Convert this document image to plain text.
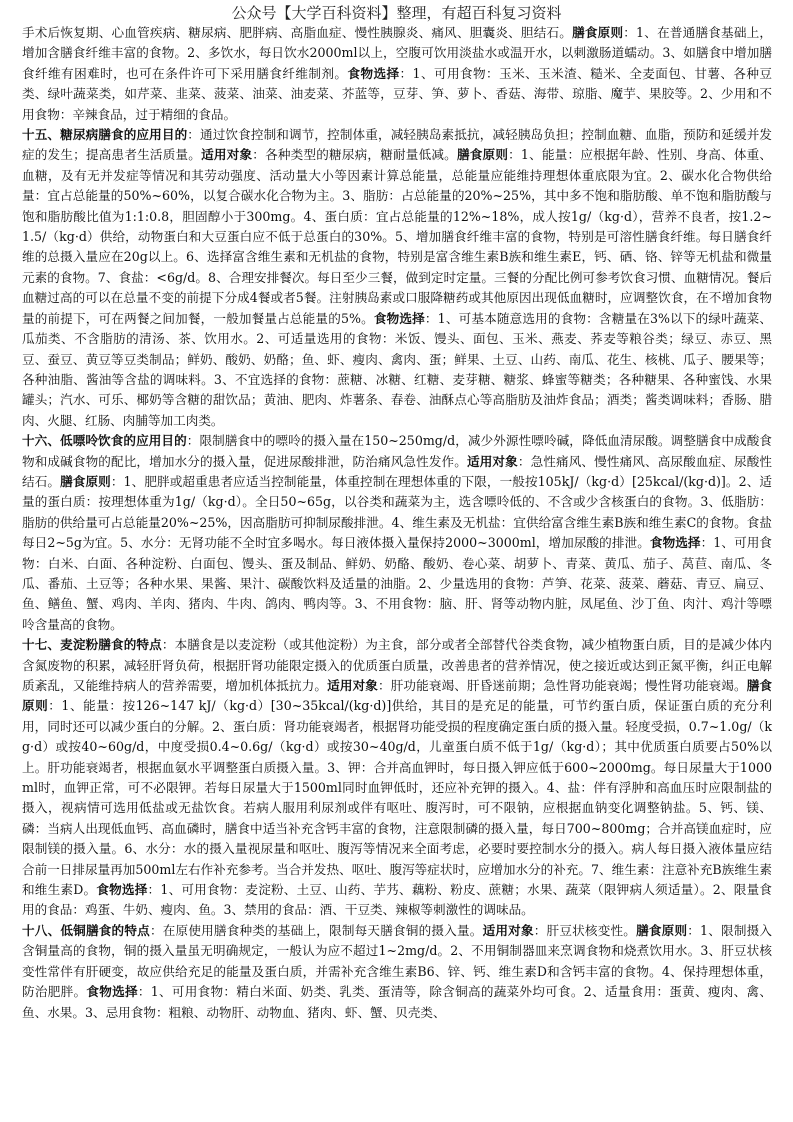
公众号【大学百科资料】整理，有超百科复习资料

手术后恢复期、心血管疾病、糖尿病、肥胖病、高脂血症、慢性胰腺炎、痛风、胆囊炎、胆结石。膳食原则：1、在普通膳食基础上，增加含膳食纤维丰富的食物。2、多饮水，每日饮水2000ml以上，空腹可饮用淡盐水或温开水，以刺激肠道蠕动。3、如膳食中增加膳食纤维有困难时，也可在条件许可下采用膳食纤维制剂。食物选择：1、可用食物：玉米、玉米渣、糙米、全麦面包、甘薯、各种豆类、绿叶蔬菜类，如芹菜、韭菜、菠菜、油菜、油麦菜、芥蓝等，豆芽、笋、萝卜、香菇、海带、琼脂、魔芋、果胶等。2、少用和不用食物：辛辣食品，过于精细的食品。

十五、糖尿病膳食的应用目的：通过饮食控制和调节，控制体重，减轻胰岛素抵抗，减轻胰岛负担；控制血糖、血脂，预防和延缓并发症的发生；提高患者生活质量。适用对象：各种类型的糖尿病，糖耐量低减。膳食原则：1、能量：应根据年龄、性别、身高、体重、血糖，及有无并发症等情况和其劳动强度、活动量大小等因素计算总能量，总能量应能维持理想体重底限为宜。2、碳水化合物供给量：宜占总能量的50%~60%，以复合碳水化合物为主。3、脂肪：占总能量的20%~25%，其中多不饱和脂肪酸、单不饱和脂肪酸与饱和脂肪酸比值为1:1:0.8，胆固醇小于300mg。4、蛋白质：宜占总能量的12%~18%，成人按1g/（kg·d），营养不良者，按1.2~1.5/（kg·d）供给，动物蛋白和大豆蛋白应不低于总蛋白的30%。5、增加膳食纤维丰富的食物，特别是可溶性膳食纤维。每日膳食纤维的总摄入量应在20g以上。6、选择富含维生素和无机盐的食物，特别是富含维生素B族和维生素E，钙、硒、铬、锌等无机盐和微量元素的食物。7、食盐：<6g/d。8、合理安排餐次。每日至少三餐，做到定时定量。三餐的分配比例可参考饮食习惯、血糖情况。餐后血糖过高的可以在总量不变的前提下分成4餐或者5餐。注射胰岛素或口服降糖药或其他原因出现低血糖时，应调整饮食，在不增加食物量的前提下，可在两餐之间加餐，一般加餐量占总能量的5%。食物选择：1、可基本随意选用的食物：含糖量在3%以下的绿叶蔬菜、瓜茄类、不含脂肪的清汤、茶、饮用水。2、可适量选用的食物：米饭、馒头、面包、玉米、燕麦、荞麦等粮谷类；绿豆、赤豆、黑豆、蚕豆、黄豆等豆类制品；鲜奶、酸奶、奶酪；鱼、虾、瘦肉、禽肉、蛋；鲜果、土豆、山药、南瓜、花生、核桃、瓜子、腰果等；各种油脂、酱油等含盐的调味料。3、不宜选择的食物：蔗糖、冰糖、红糖、麦芽糖、糖浆、蜂蜜等糖类；各种糖果、各种蜜饯、水果罐头；汽水、可乐、椰奶等含糖的甜饮品；黄油、肥肉、炸薯条、春卷、油酥点心等高脂肪及油炸食品；酒类；酱类调味料；香肠、腊肉、火腿、红肠、肉脯等加工肉类。

十六、低嘌呤饮食的应用目的：限制膳食中的嘌呤的摄入量在150~250mg/d，减少外源性嘌呤碱，降低血清尿酸。调整膳食中成酸食物和成碱食物的配比，增加水分的摄入量，促进尿酸排泄，防治痛风急性发作。适用对象：急性痛风、慢性痛风、高尿酸血症、尿酸性结石。膳食原则：1、肥胖或超重患者应适当控制能量，体重控制在理想体重的下限，一般按105kJ/（kg·d）[25kcal/(kg·d)]。2、适量的蛋白质：按理想体重为1g/（kg·d）。全日50~65g，以谷类和蔬菜为主，选含嘌呤低的、不含或少含核蛋白的食物。3、低脂肪：脂肪的供给量可占总能量20%~25%，因高脂肪可抑制尿酸排泄。4、维生素及无机盐：宜供给富含维生素B族和维生素C的食物。食盐每日2~5g为宜。5、水分：无肾功能不全时宜多喝水。每日液体摄入量保持2000~3000ml，增加尿酸的排泄。食物选择：1、可用食物：白米、白面、各种淀粉、白面包、馒头、蛋及制品、鲜奶、奶酪、酸奶、卷心菜、胡萝卜、青菜、黄瓜、茄子、莴苣、南瓜、冬瓜、番茄、土豆等；各种水果、果酱、果汁、碳酸饮料及适量的油脂。2、少量选用的食物：芦笋、花菜、菠菜、蘑菇、青豆、扁豆、鱼、鳝鱼、蟹、鸡肉、羊肉、猪肉、牛肉、鸽肉、鸭肉等。3、不用食物：脑、肝、肾等动物内脏，凤尾鱼、沙丁鱼、肉汁、鸡汁等嘌呤含量高的食物。

十七、麦淀粉膳食的特点：本膳食是以麦淀粉（或其他淀粉）为主食，部分或者全部替代谷类食物，减少植物蛋白质，目的是减少体内含氮废物的积累，减轻肝肾负荷，根据肝肾功能限定摄入的优质蛋白质量，改善患者的营养情况，使之接近或达到正氮平衡，纠正电解质紊乱，又能维持病人的营养需要，增加机体抵抗力。适用对象：肝功能衰竭、肝昏迷前期；急性肾功能衰竭；慢性肾功能衰竭。膳食原则：1、能量：按126~147 kJ/（kg·d）[30~35kcal/(kg·d)]供给，其目的是充足的能量，可节约蛋白质，保证蛋白质的充分利用，同时还可以减少蛋白的分解。2、蛋白质：肾功能衰竭者，根据肾功能受损的程度确定蛋白质的摄入量。轻度受损，0.7~1.0g/（kg·d）或按40~60g/d，中度受损0.4~0.6g/（kg·d）或按30~40g/d，儿童蛋白质不低于1g/（kg·d）；其中优质蛋白质要占50%以上。肝功能衰竭者，根据血氨水平调整蛋白质摄入量。3、钾：合并高血钾时，每日摄入钾应低于600~2000mg。每日尿量大于1000ml时，血钾正常，可不必限钾。若每日尿量大于1500ml同时血钾低时，还应补充钾的摄入。4、盐：伴有浮肿和高血压时应限制盐的摄入，视病情可选用低盐或无盐饮食。若病人服用利尿剂或伴有呕吐、腹泻时，可不限钠，应根据血钠变化调整钠盐。5、钙、镁、磷：当病人出现低血钙、高血磷时，膳食中适当补充含钙丰富的食物，注意限制磷的摄入量，每日700~800mg；合并高镁血症时，应限制镁的摄入量。6、水分：水的摄入量视尿量和呕吐、腹泻等情况来全面考虑，必要时要控制水分的摄入。病人每日摄入液体量应结合前一日排尿量再加500ml左右作补充参考。当合并发热、呕吐、腹泻等症状时，应增加水分的补充。7、维生素：注意补充B族维生素和维生素D。食物选择：1、可用食物：麦淀粉、土豆、山药、芋艿、藕粉、粉皮、蔗糖；水果、蔬菜（限钾病人须适量）。2、限量食用的食品：鸡蛋、牛奶、瘦肉、鱼。3、禁用的食品：酒、干豆类、辣椒等刺激性的调味品。

十八、低铜膳食的特点：在原使用膳食种类的基础上，限制每天膳食铜的摄入量。适用对象：肝豆状核变性。膳食原则：1、限制摄入含铜量高的食物，铜的摄入量虽无明确规定，一般认为应不超过1~2mg/d。2、不用铜制器皿来烹调食物和烧煮饮用水。3、肝豆状核变性常伴有肝硬变，故应供给充足的能量及蛋白质，并需补充含维生素B6、锌、钙、维生素D和含钙丰富的食物。4、保持理想体重，防治肥胖。食物选择：1、可用食物：精白米面、奶类、乳类、蛋清等，除含铜高的蔬菜外均可食。2、适量食用：蛋黄、瘦肉、禽、鱼、水果。3、忌用食物：粗粮、动物肝、动物血、猪肉、虾、蟹、贝壳类、
